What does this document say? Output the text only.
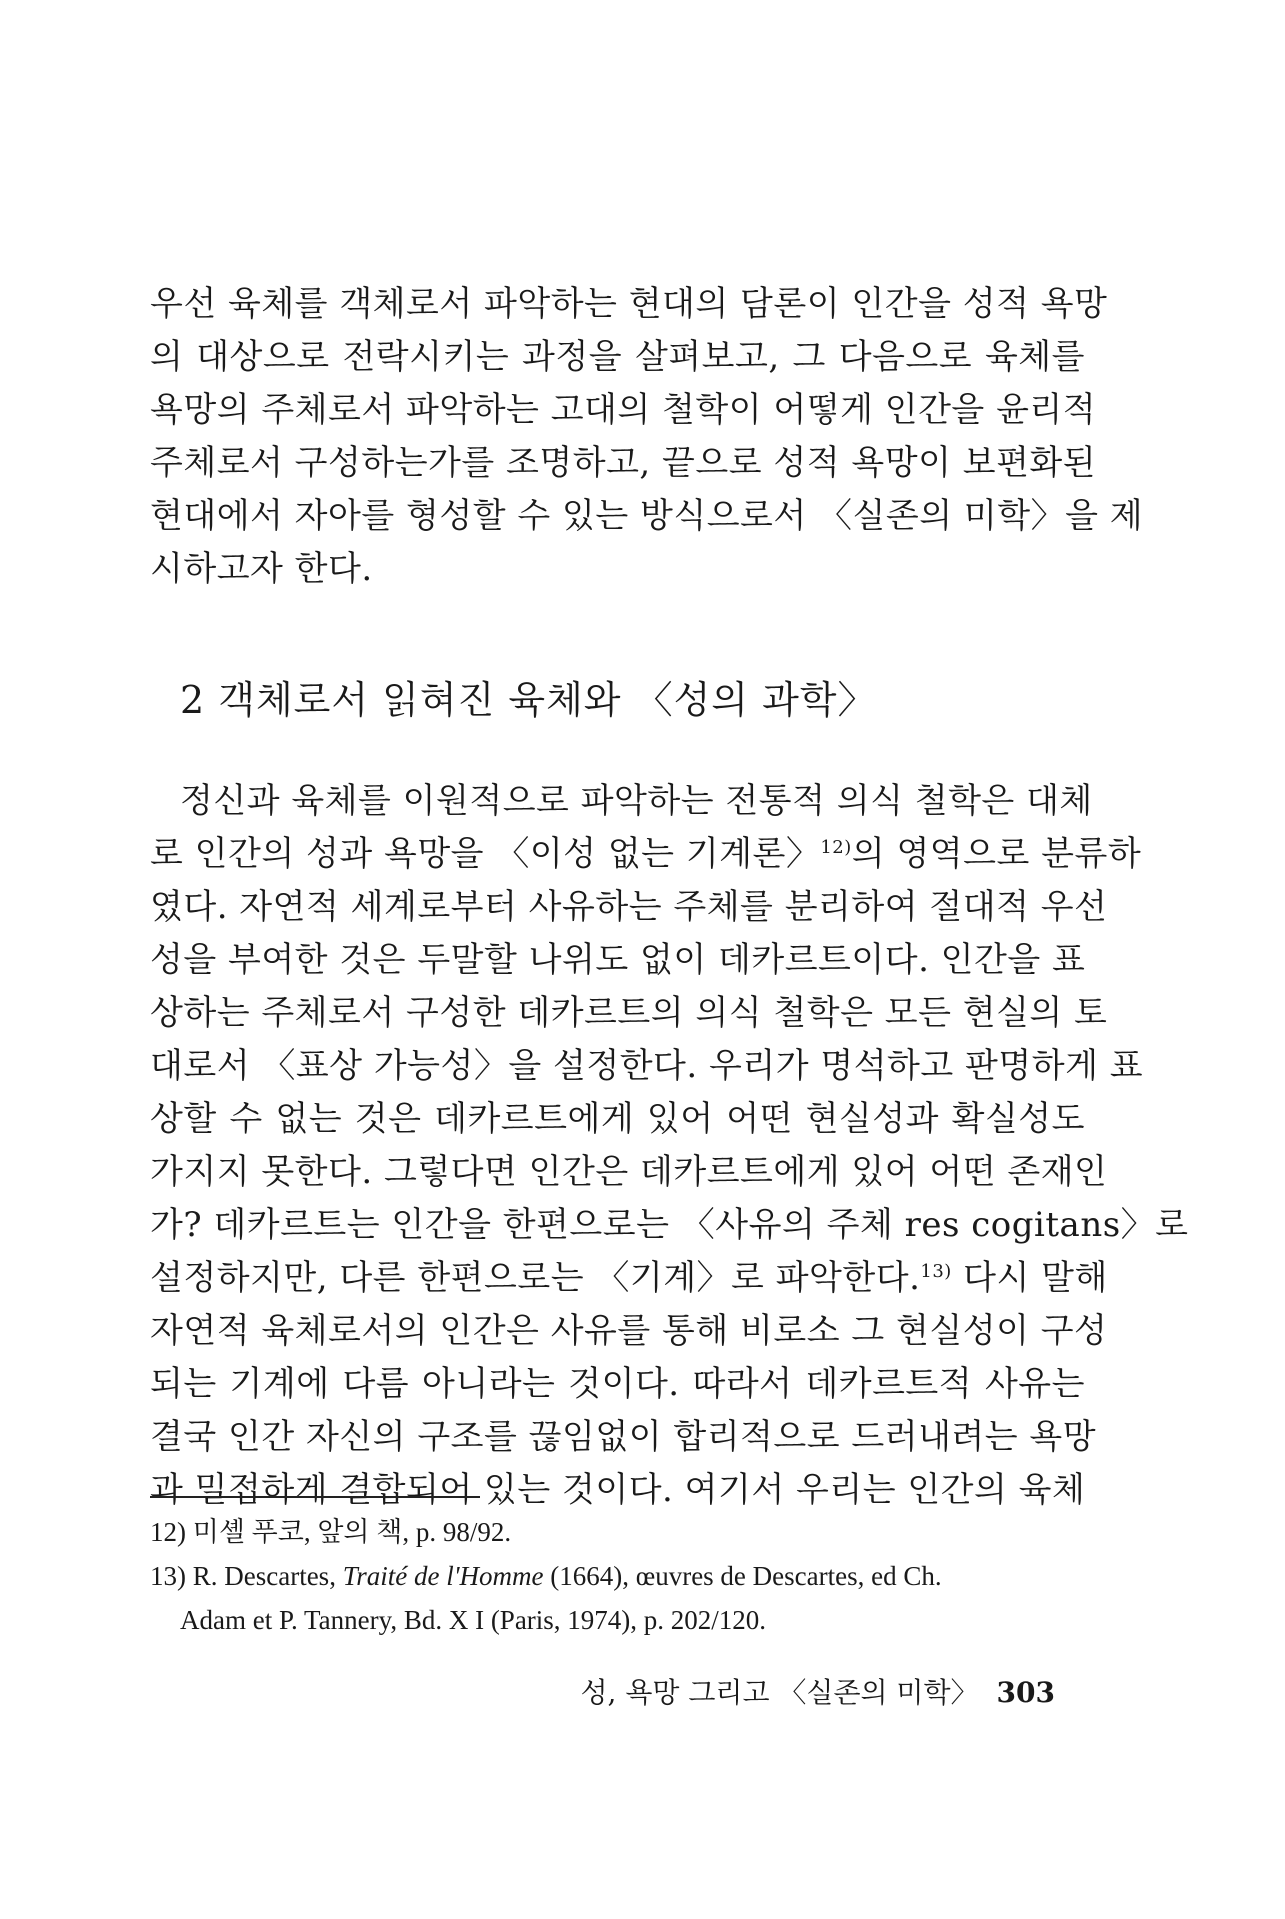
우선 육체를 객체로서 파악하는 현대의 담론이 인간을 성적 욕망
의 대상으로 전락시키는 과정을 살펴보고, 그 다음으로 육체를
욕망의 주체로서 파악하는 고대의 철학이 어떻게 인간을 윤리적
주체로서 구성하는가를 조명하고, 끝으로 성적 욕망이 보편화된
현대에서 자아를 형성할 수 있는 방식으로서 〈실존의 미학〉을 제
시하고자 한다.
2 객체로서 읽혀진 육체와 〈성의 과학〉
정신과 육체를 이원적으로 파악하는 전통적 의식 철학은 대체
로 인간의 성과 욕망을 〈이성 없는 기계론〉$^{12)}$의 영역으로 분류하
였다. 자연적 세계로부터 사유하는 주체를 분리하여 절대적 우선
성을 부여한 것은 두말할 나위도 없이 데카르트이다. 인간을 표
상하는 주체로서 구성한 데카르트의 의식 철학은 모든 현실의 토
대로서 〈표상 가능성〉을 설정한다. 우리가 명석하고 판명하게 표
상할 수 없는 것은 데카르트에게 있어 어떤 현실성과 확실성도
가지지 못한다. 그렇다면 인간은 데카르트에게 있어 어떤 존재인
가? 데카르트는 인간을 한편으로는 〈사유의 주체 res cogitans〉로
설정하지만, 다른 한편으로는 〈기계〉로 파악한다.$^{13)}$ 다시 말해
자연적 육체로서의 인간은 사유를 통해 비로소 그 현실성이 구성
되는 기계에 다름 아니라는 것이다. 따라서 데카르트적 사유는
결국 인간 자신의 구조를 끊임없이 합리적으로 드러내려는 욕망
과 밀접하게 결합되어 있는 것이다. 여기서 우리는 인간의 육체
12) 미셸 푸코, 앞의 책, p. 98/92.
13) R. Descartes, Traité de l'Homme (1664), œuvres de Descartes, ed Ch.
Adam et P. Tannery, Bd. X I (Paris, 1974), p. 202/120.
성, 욕망 그리고 〈실존의 미학〉 303
